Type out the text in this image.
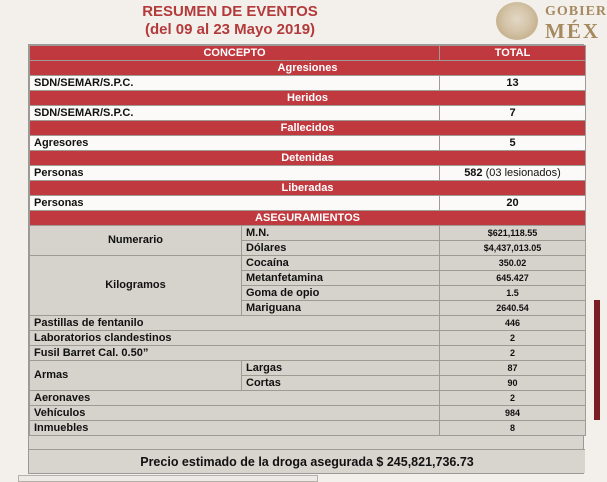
RESUMEN DE EVENTOS
(del 09 al 23 Mayo 2019)
GOBIER
MÉX
CONCEPTO		TOTAL
Agresiones		
SDN/SEMAR/S.P.C.		13
Heridos		
SDN/SEMAR/S.P.C.		7
Fallecidos		
Agresores		5
Detenidas		
Personas		582 (03 lesionados)
Liberadas		
Personas		20
ASEGURAMIENTOS		
Numerario	M.N.	$621,118.55
	Dólares	$4,437,013.05
Kilogramos	Cocaína	350.02
	Metanfetamina	645.427
	Goma de opio	1.5
	Mariguana	2640.54
Pastillas de fentanilo		446
Laboratorios clandestinos		2
Fusil Barret Cal. 0.50”		2
Armas	Largas	87
	Cortas	90
Aeronaves		2
Vehículos		984
Inmuebles		8
Precio estimado de la droga asegurada $ 245,821,736.73
